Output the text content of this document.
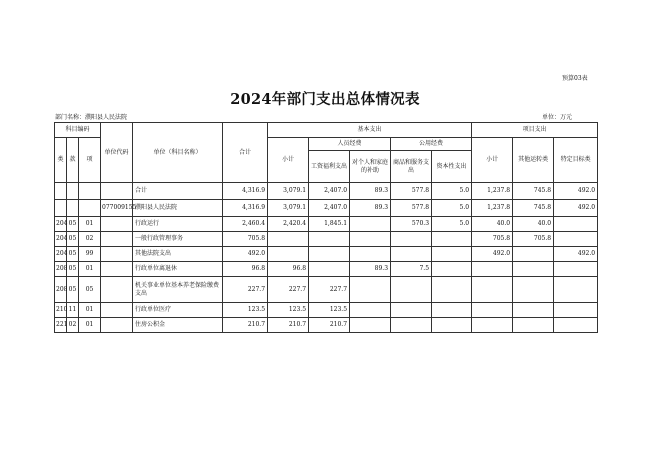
预算03表
2024年部门支出总体情况表
部门名称：濮阳县人民法院	单位：万元
科目编码			单位代码	单位（科目名称）	合计	基本支出					项目支出		
类	款	项				小计	人员经费		公用经费		小计	其他运转类	特定目标类
							工资福利支出	对个人和家庭的补助	商品和服务支出	资本性支出			

				合计	4,316.9	3,079.1	2,407.0	89.3	577.8	5.0	1,237.8	745.8	492.0
			077009155	濮阳县人民法院	4,316.9	3,079.1	2,407.0	89.3	577.8	5.0	1,237.8	745.8	492.0
204	05	01		行政运行	2,460.4	2,420.4	1,845.1		570.3	5.0	40.0	40.0	
204	05	02		一般行政管理事务	705.8						705.8	705.8	
204	05	99		其他法院支出	492.0						492.0		492.0
208	05	01		行政单位离退休	96.8	96.8		89.3	7.5				
208	05	05		机关事业单位基本养老保险缴费支出	227.7	227.7	227.7						
210	11	01		行政单位医疗	123.5	123.5	123.5						
221	02	01		住房公积金	210.7	210.7	210.7						
